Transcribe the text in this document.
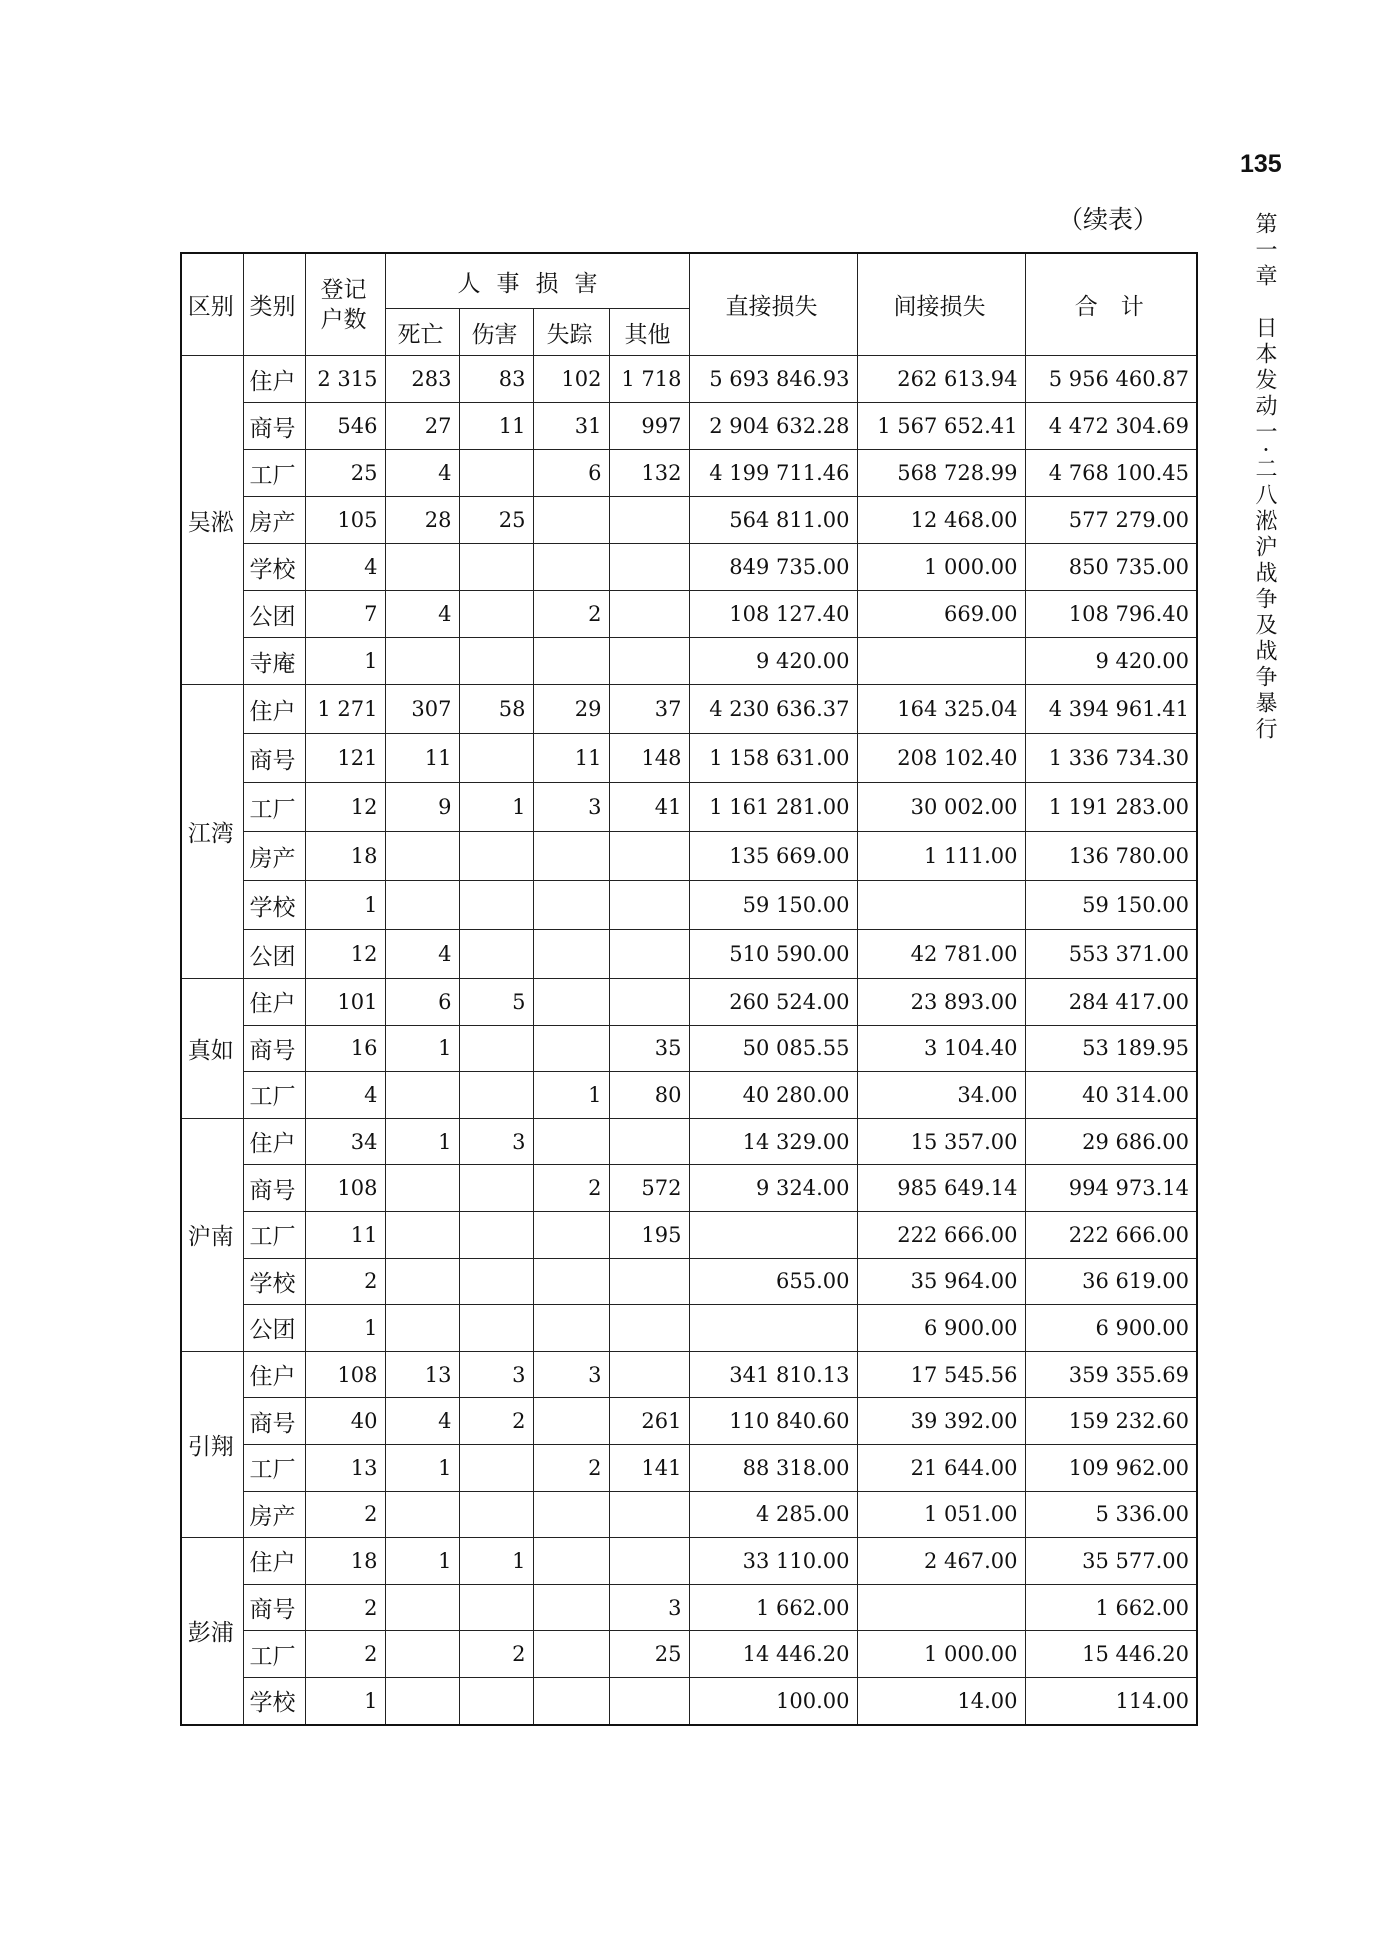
135
第一章　日本发动一·二八淞沪战争及战争暴行
（续表）
区别	类别	登记户数	人事损害				直接损失	间接损失	合　计
			死亡	伤害	失踪	其他			
吴淞	住户	2 315	283	83	102	1 718	5 693 846.93	262 613.94	5 956 460.87
	商号	546	27	11	31	997	2 904 632.28	1 567 652.41	4 472 304.69
	工厂	25	4		6	132	4 199 711.46	568 728.99	4 768 100.45
	房产	105	28	25			564 811.00	12 468.00	577 279.00
	学校	4					849 735.00	1 000.00	850 735.00
	公团	7	4		2		108 127.40	669.00	108 796.40
	寺庵	1					9 420.00		9 420.00
江湾	住户	1 271	307	58	29	37	4 230 636.37	164 325.04	4 394 961.41
	商号	121	11		11	148	1 158 631.00	208 102.40	1 336 734.30
	工厂	12	9	1	3	41	1 161 281.00	30 002.00	1 191 283.00
	房产	18					135 669.00	1 111.00	136 780.00
	学校	1					59 150.00		59 150.00
	公团	12	4				510 590.00	42 781.00	553 371.00
真如	住户	101	6	5			260 524.00	23 893.00	284 417.00
	商号	16	1			35	50 085.55	3 104.40	53 189.95
	工厂	4			1	80	40 280.00	34.00	40 314.00
沪南	住户	34	1	3			14 329.00	15 357.00	29 686.00
	商号	108			2	572	9 324.00	985 649.14	994 973.14
	工厂	11				195		222 666.00	222 666.00
	学校	2					655.00	35 964.00	36 619.00
	公团	1						6 900.00	6 900.00
引翔	住户	108	13	3	3		341 810.13	17 545.56	359 355.69
	商号	40	4	2		261	110 840.60	39 392.00	159 232.60
	工厂	13	1		2	141	88 318.00	21 644.00	109 962.00
	房产	2					4 285.00	1 051.00	5 336.00
彭浦	住户	18	1	1			33 110.00	2 467.00	35 577.00
	商号	2				3	1 662.00		1 662.00
	工厂	2		2		25	14 446.20	1 000.00	15 446.20
	学校	1					100.00	14.00	114.00
